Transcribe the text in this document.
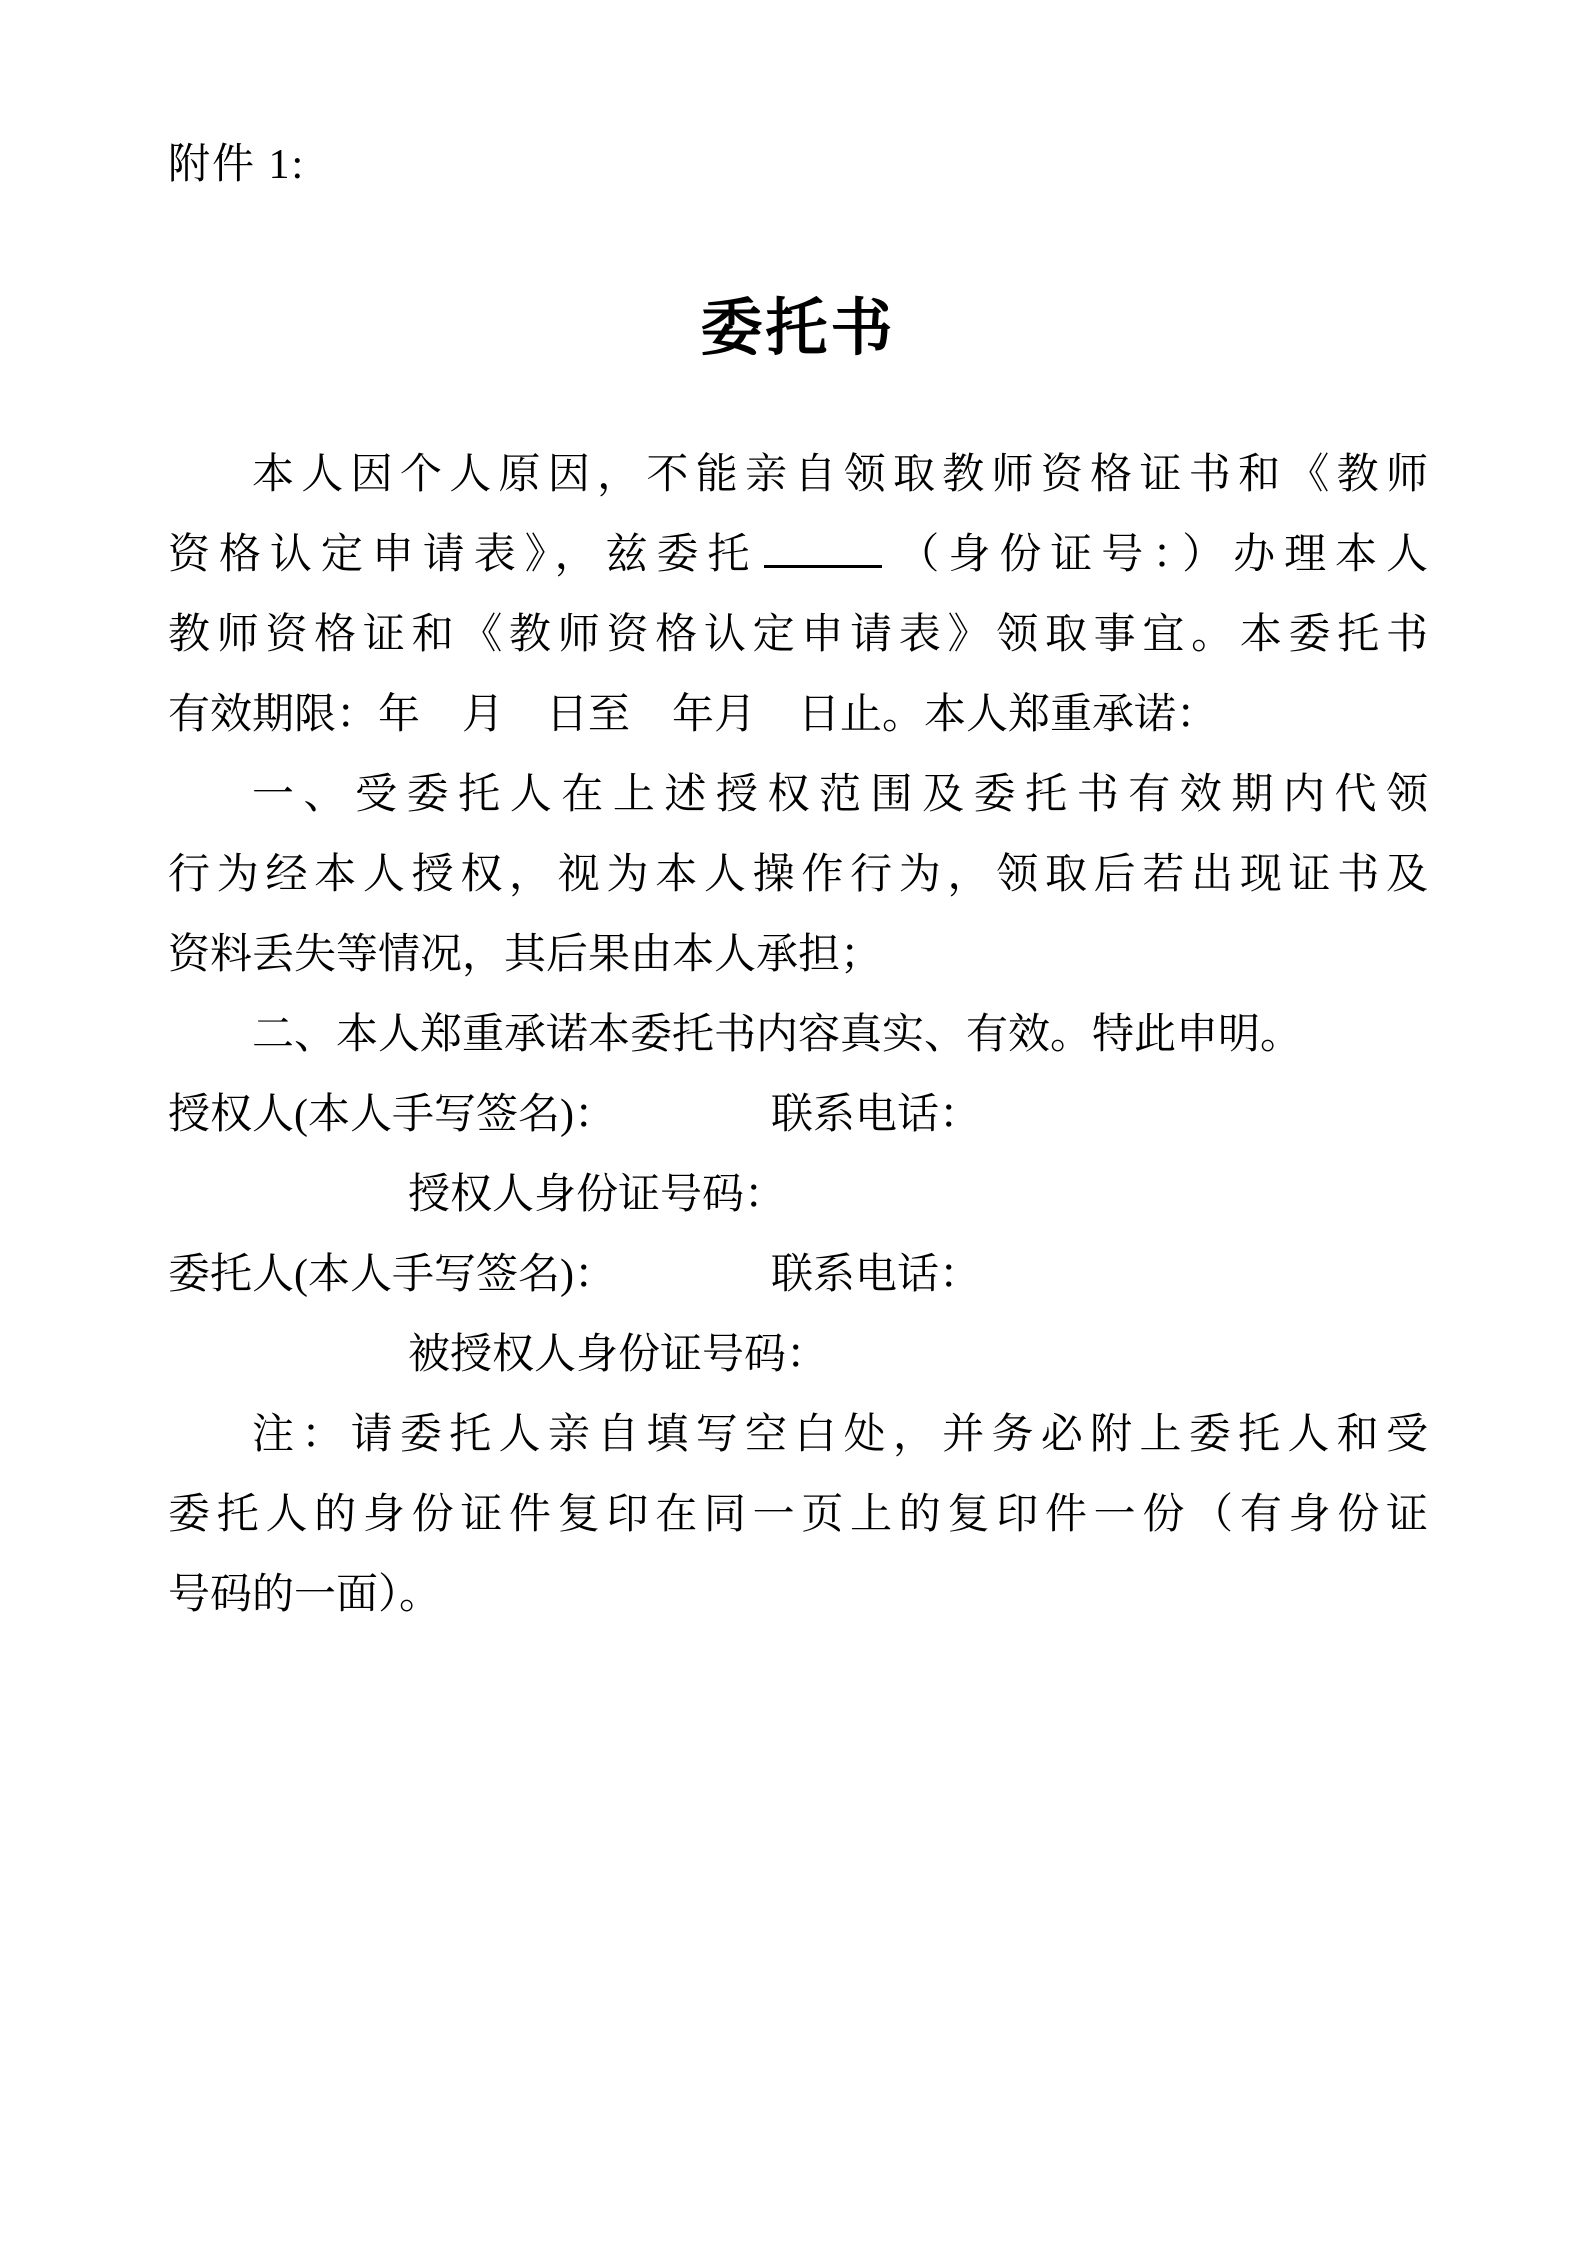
附件 1:
委托书
本人因个人原因，不能亲自领取教师资格证书和《教师
资格认定申请表》，兹委托	（身份证号：）办理本人
教师资格证和《教师资格认定申请表》领取事宜。本委托书
有效期限：年　月　日至　年月　日止。本人郑重承诺：
一、受委托人在上述授权范围及委托书有效期内代领
行为经本人授权，视为本人操作行为，领取后若出现证书及
资料丢失等情况，其后果由本人承担；
二、本人郑重承诺本委托书内容真实、有效。特此申明。
授权人(本人手写签名)：	联系电话：
授权人身份证号码：
委托人(本人手写签名)：	联系电话：
被授权人身份证号码：
注：请委托人亲自填写空白处，并务必附上委托人和受
委托人的身份证件复印在同一页上的复印件一份（有身份证
号码的一面）。
